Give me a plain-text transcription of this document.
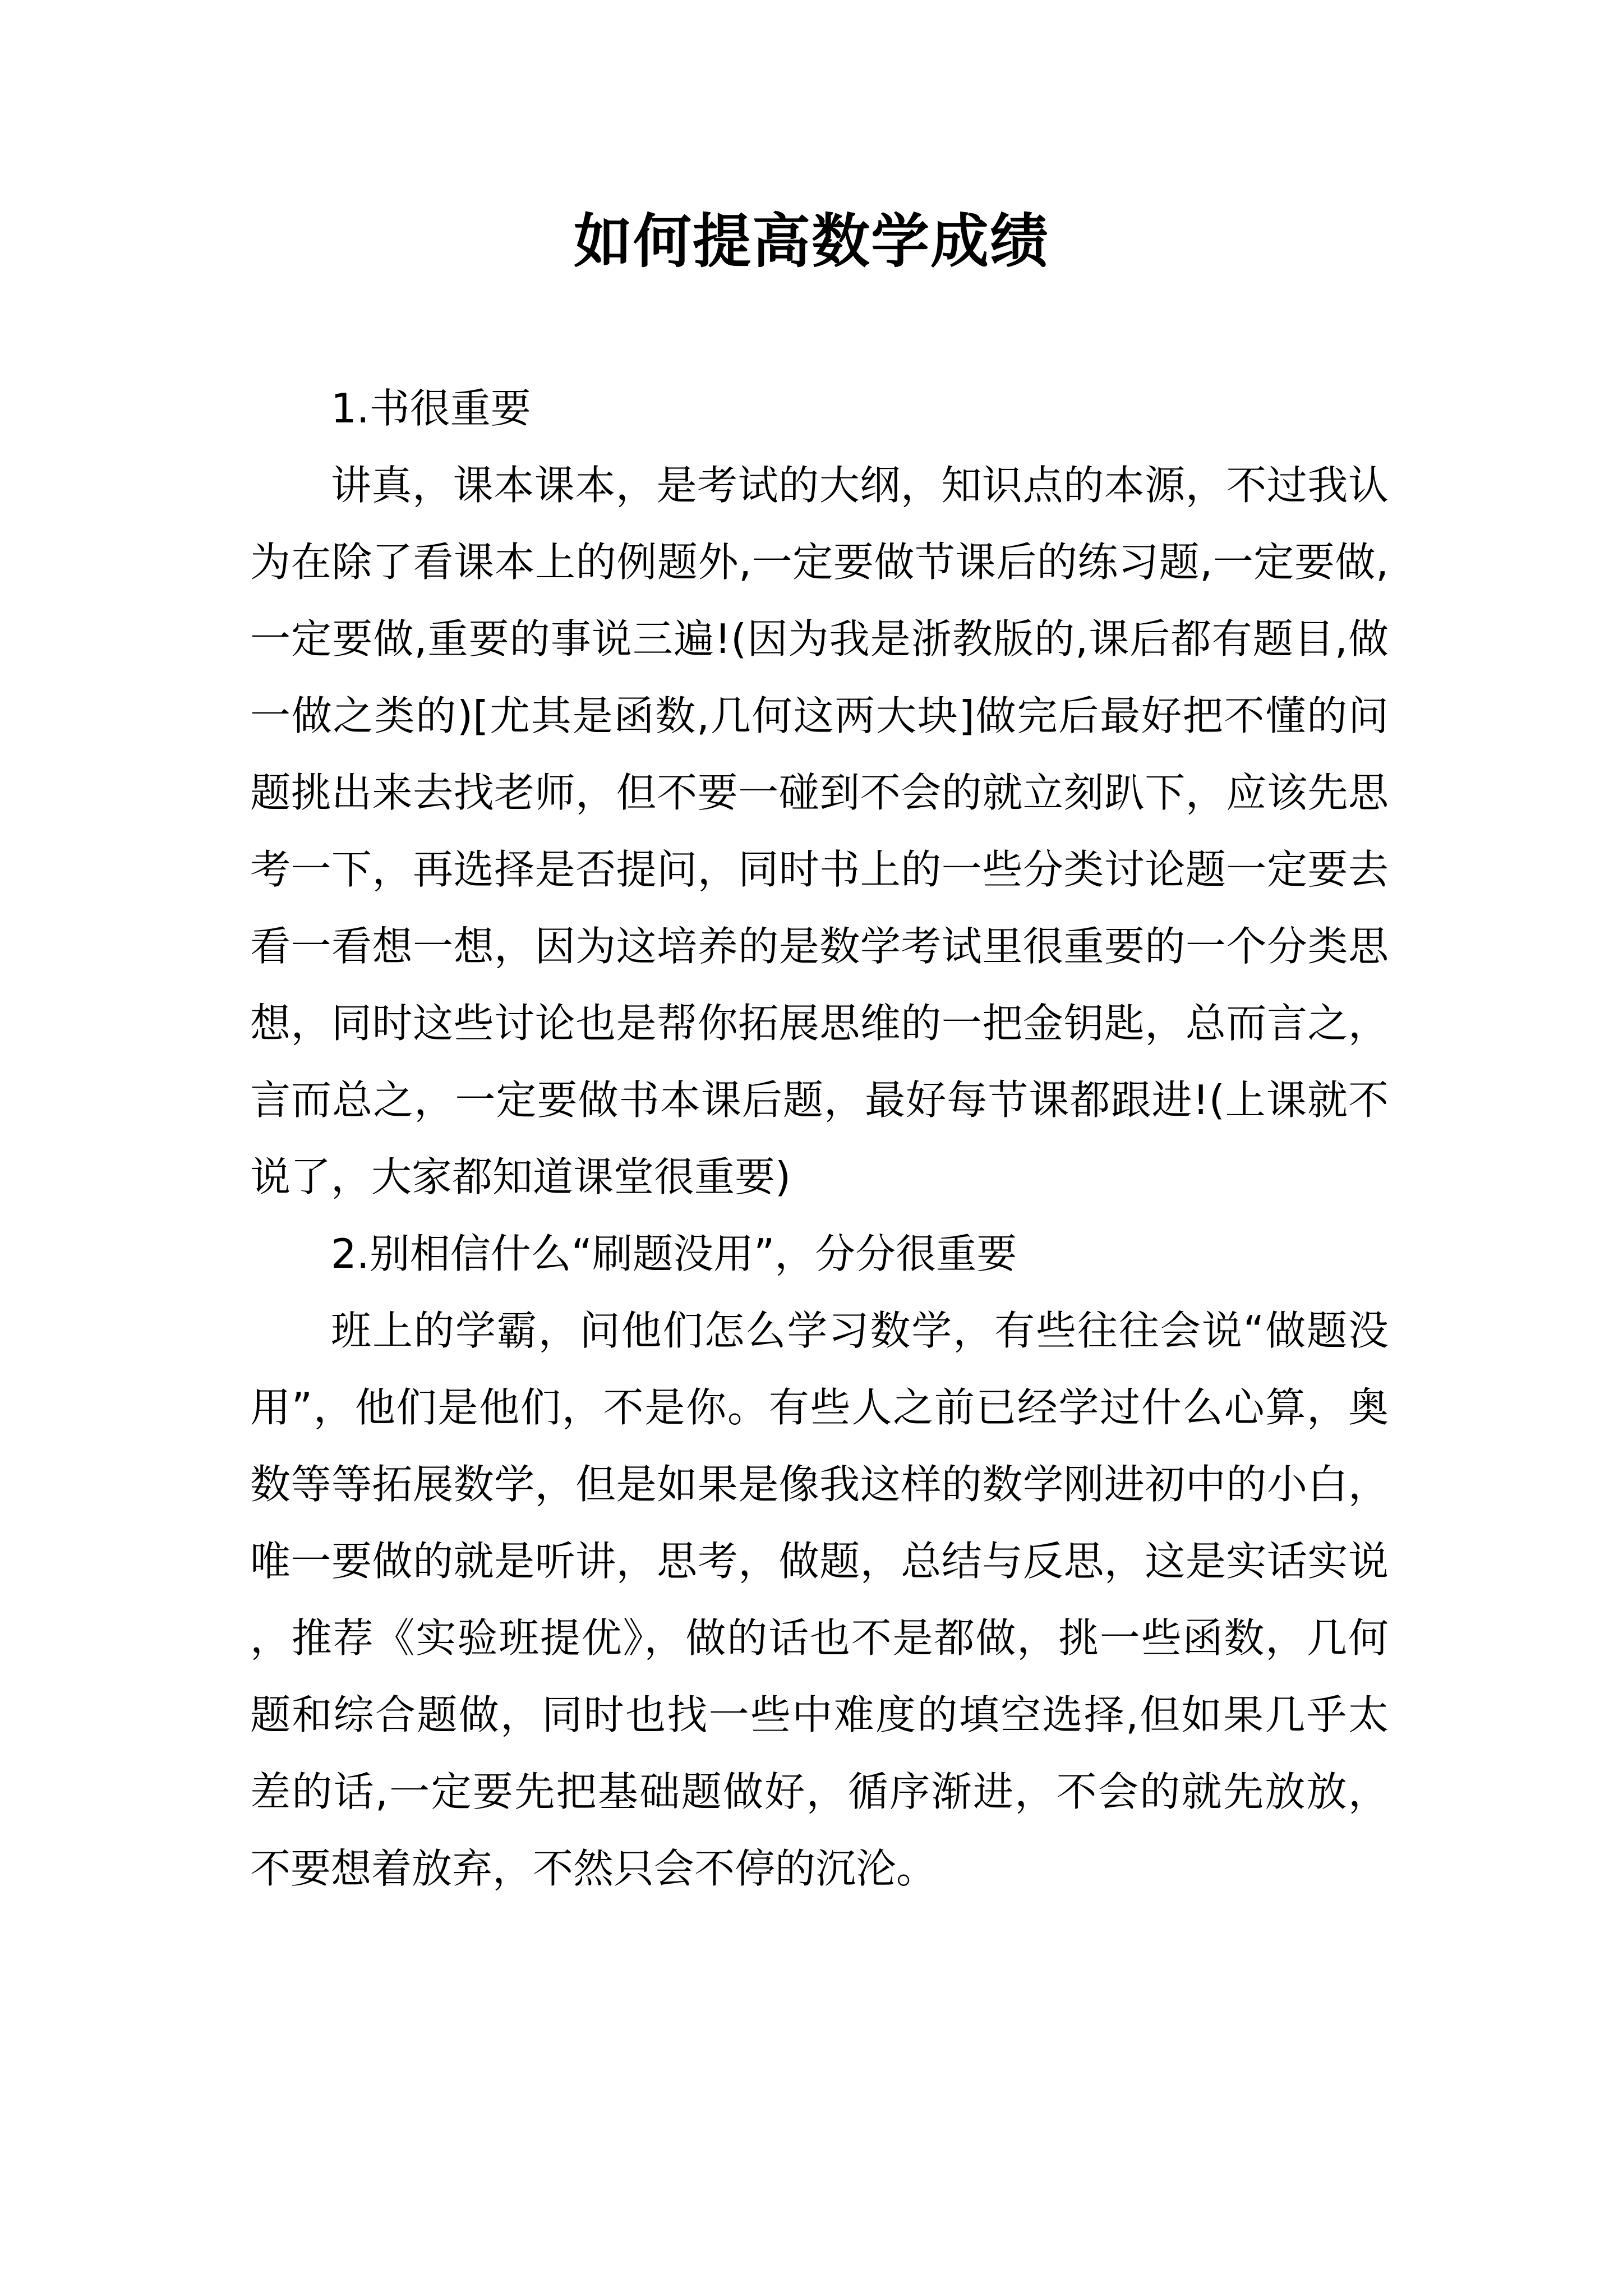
如何提高数学成绩

1.书很重要

讲真，课本课本，是考试的大纲，知识点的本源，不过我认为在除了看课本上的例题外,一定要做节课后的练习题,一定要做,一定要做,重要的事说三遍!(因为我是浙教版的,课后都有题目,做一做之类的)[尤其是函数,几何这两大块]做完后最好把不懂的问题挑出来去找老师，但不要一碰到不会的就立刻趴下，应该先思考一下，再选择是否提问，同时书上的一些分类讨论题一定要去看一看想一想，因为这培养的是数学考试里很重要的一个分类思想，同时这些讨论也是帮你拓展思维的一把金钥匙，总而言之，言而总之，一定要做书本课后题，最好每节课都跟进!(上课就不说了，大家都知道课堂很重要)

2.别相信什么“刷题没用”，分分很重要

班上的学霸，问他们怎么学习数学，有些往往会说“做题没用”，他们是他们，不是你。有些人之前已经学过什么心算，奥数等等拓展数学，但是如果是像我这样的数学刚进初中的小白，唯一要做的就是听讲，思考，做题，总结与反思，这是实话实说，推荐《实验班提优》，做的话也不是都做，挑一些函数，几何题和综合题做，同时也找一些中难度的填空选择,但如果几乎太差的话,一定要先把基础题做好，循序渐进，不会的就先放放，不要想着放弃，不然只会不停的沉沦。
